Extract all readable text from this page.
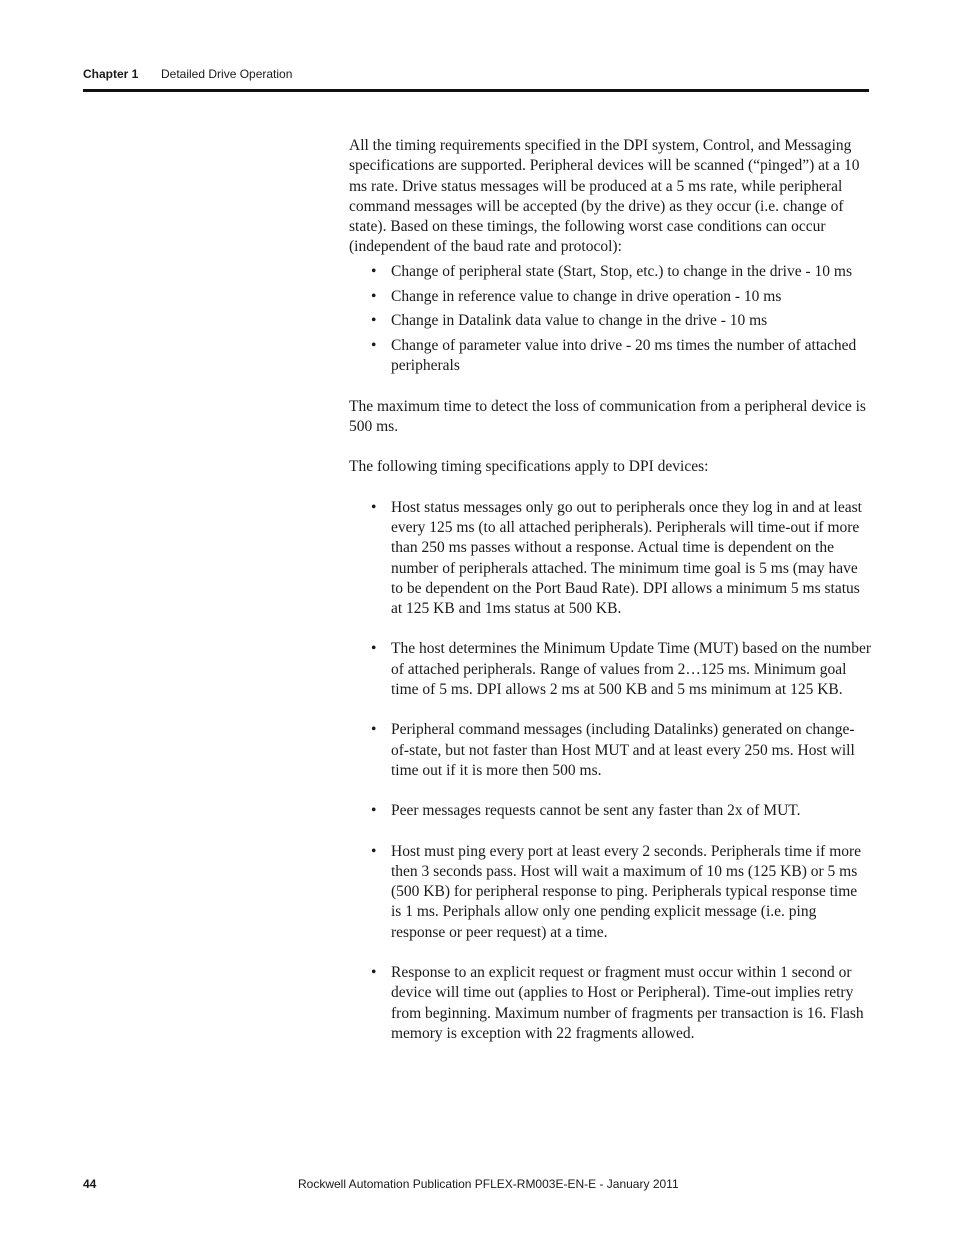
Chapter 1 Detailed Drive Operation

All the timing requirements specified in the DPI system, Control, and Messaging specifications are supported. Peripheral devices will be scanned (“pinged”) at a 10 ms rate. Drive status messages will be produced at a 5 ms rate, while peripheral command messages will be accepted (by the drive) as they occur (i.e. change of state). Based on these timings, the following worst case conditions can occur (independent of the baud rate and protocol):

• Change of peripheral state (Start, Stop, etc.) to change in the drive - 10 ms
• Change in reference value to change in drive operation - 10 ms
• Change in Datalink data value to change in the drive - 10 ms
• Change of parameter value into drive - 20 ms times the number of attached peripherals

The maximum time to detect the loss of communication from a peripheral device is 500 ms.

The following timing specifications apply to DPI devices:

• Host status messages only go out to peripherals once they log in and at least every 125 ms (to all attached peripherals). Peripherals will time-out if more than 250 ms passes without a response. Actual time is dependent on the number of peripherals attached. The minimum time goal is 5 ms (may have to be dependent on the Port Baud Rate). DPI allows a minimum 5 ms status at 125 KB and 1ms status at 500 KB.
• The host determines the Minimum Update Time (MUT) based on the number of attached peripherals. Range of values from 2…125 ms. Minimum goal time of 5 ms. DPI allows 2 ms at 500 KB and 5 ms minimum at 125 KB.
• Peripheral command messages (including Datalinks) generated on change-of-state, but not faster than Host MUT and at least every 250 ms. Host will time out if it is more then 500 ms.
• Peer messages requests cannot be sent any faster than 2x of MUT.
• Host must ping every port at least every 2 seconds. Peripherals time if more then 3 seconds pass. Host will wait a maximum of 10 ms (125 KB) or 5 ms (500 KB) for peripheral response to ping. Peripherals typical response time is 1 ms. Periphals allow only one pending explicit message (i.e. ping response or peer request) at a time.
• Response to an explicit request or fragment must occur within 1 second or device will time out (applies to Host or Peripheral). Time-out implies retry from beginning. Maximum number of fragments per transaction is 16. Flash memory is exception with 22 fragments allowed.
44	Rockwell Automation Publication PFLEX-RM003E-EN-E - January 2011
